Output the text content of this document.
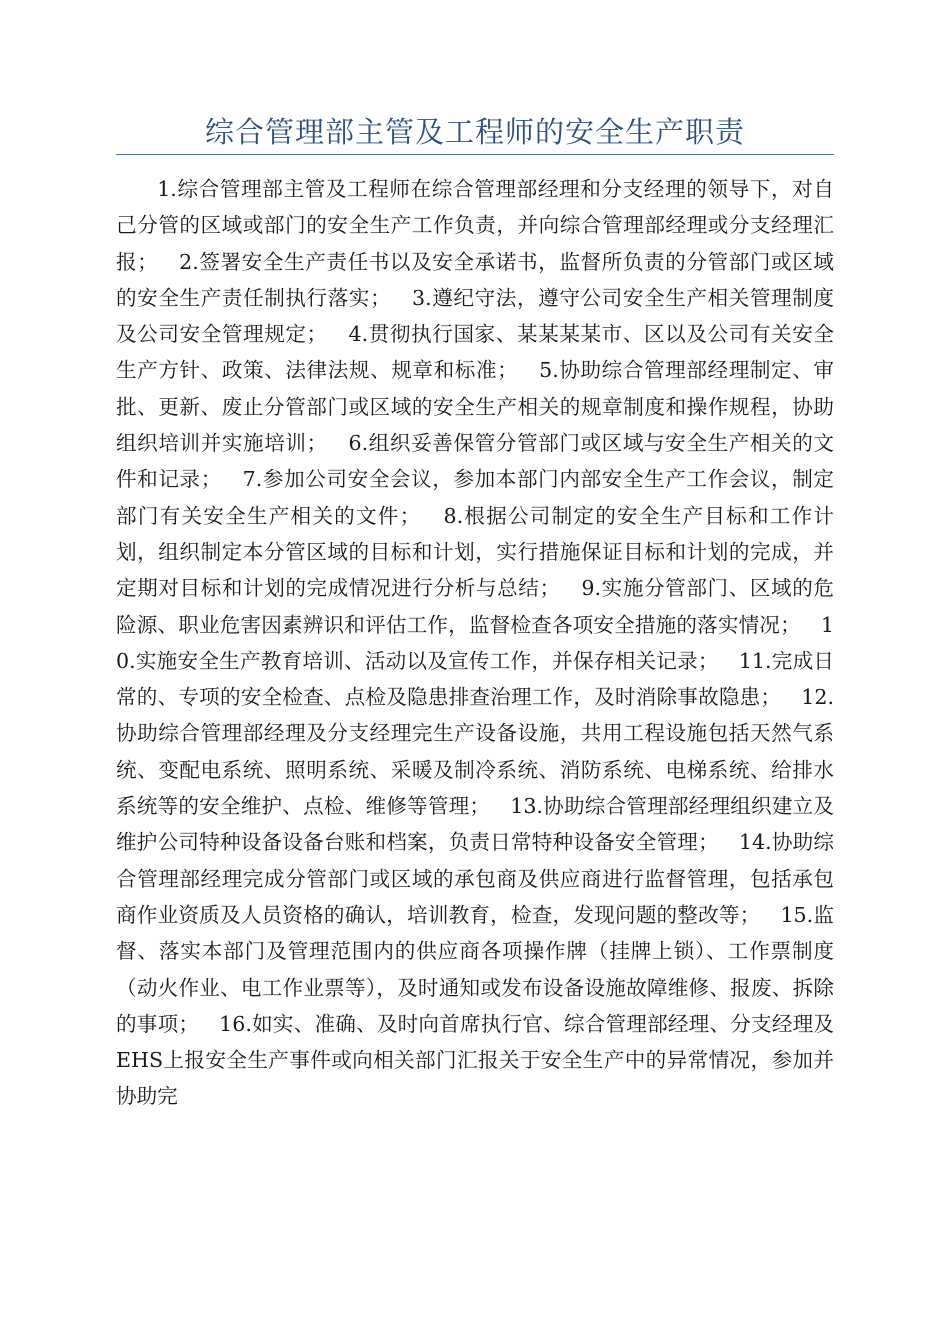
综合管理部主管及工程师的安全生产职责

1.综合管理部主管及工程师在综合管理部经理和分支经理的领导下，对自己分管的区域或部门的安全生产工作负责，并向综合管理部经理或分支经理汇报；   2.签署安全生产责任书以及安全承诺书，监督所负责的分管部门或区域的安全生产责任制执行落实；   3.遵纪守法，遵守公司安全生产相关管理制度及公司安全管理规定；   4.贯彻执行国家、某某某某市、区以及公司有关安全生产方针、政策、法律法规、规章和标准；   5.协助综合管理部经理制定、审批、更新、废止分管部门或区域的安全生产相关的规章制度和操作规程，协助组织培训并实施培训；   6.组织妥善保管分管部门或区域与安全生产相关的文件和记录；   7.参加公司安全会议，参加本部门内部安全生产工作会议，制定部门有关安全生产相关的文件；   8.根据公司制定的安全生产目标和工作计划，组织制定本分管区域的目标和计划，实行措施保证目标和计划的完成，并定期对目标和计划的完成情况进行分析与总结；   9.实施分管部门、区域的危险源、职业危害因素辨识和评估工作，监督检查各项安全措施的落实情况；   10.实施安全生产教育培训、活动以及宣传工作，并保存相关记录；   11.完成日常的、专项的安全检查、点检及隐患排查治理工作，及时消除事故隐患；   12.协助综合管理部经理及分支经理完生产设备设施，共用工程设施包括天然气系统、变配电系统、照明系统、采暖及制冷系统、消防系统、电梯系统、给排水系统等的安全维护、点检、维修等管理；   13.协助综合管理部经理组织建立及维护公司特种设备设备台账和档案，负责日常特种设备安全管理；   14.协助综合管理部经理完成分管部门或区域的承包商及供应商进行监督管理，包括承包商作业资质及人员资格的确认，培训教育，检查，发现问题的整改等；   15.监督、落实本部门及管理范围内的供应商各项操作牌（挂牌上锁）、工作票制度（动火作业、电工作业票等），及时通知或发布设备设施故障维修、报废、拆除的事项；   16.如实、准确、及时向首席执行官、综合管理部经理、分支经理及EHS上报安全生产事件或向相关部门汇报关于安全生产中的异常情况，参加并协助完
